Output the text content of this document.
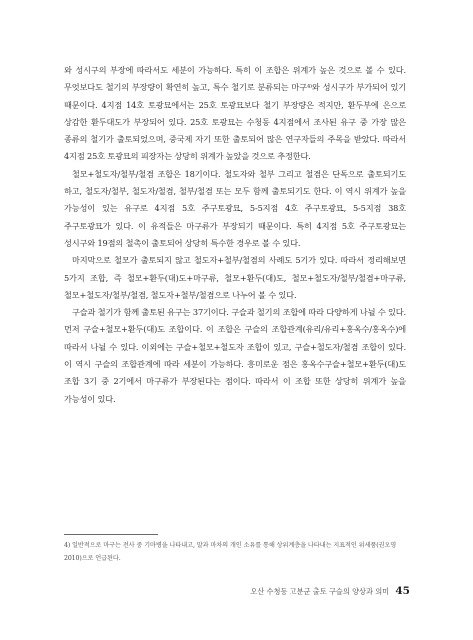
와 성시구의 부장에 따라서도 세분이 가능하다. 특히 이 조합은 위계가 높은 것으로 볼 수 있다. 무엇보다도 철기의 부장량이 확연히 높고, 특수 철기로 분류되는 마구⁴⁾와 성시구가 부가되어 있기 때문이다. 4지점 14호 토광묘에서는 25호 토광묘보다 철기 부장량은 적지만, 환두부에 은으로 상감한 환두대도가 부장되어 있다. 25호 토광묘는 수청동 4지점에서 조사된 유구 중 가장 많은 종류의 철기가 출토되었으며, 중국제 자기 또한 출토되어 많은 연구자들의 주목을 받았다. 따라서 4지점 25호 토광묘의 피장자는 상당히 위계가 높았을 것으로 추정한다.

철모+철도자/철부/철겸 조합은 18기이다. 철도자와 철부 그리고 철겸은 단독으로 출토되기도 하고, 철도자/철부, 철도자/철겸, 철부/철겸 또는 모두 함께 출토되기도 한다. 이 역시 위계가 높을 가능성이 있는 유구로 4지점 5호 주구토광묘, 5-5지점 4호 주구토광묘, 5-5지점 38호 주구토광묘가 있다. 이 유적들은 마구류가 부장되기 때문이다. 특히 4지점 5호 주구토광묘는 성시구와 19점의 철촉이 출토되어 상당히 특수한 경우로 볼 수 있다.

마지막으로 철모가 출토되지 않고 철도자+철부/철겸의 사례도 5기가 있다. 따라서 정리해보면 5가지 조합, 즉 철모+환두(대)도+마구류, 철모+환두(대)도, 철모+철도자/철부/철겸+마구류, 철모+철도자/철부/철겸, 철도자+철부/철겸으로 나누어 볼 수 있다.

구슬과 철기가 함께 출토된 유구는 37기이다. 구슬과 철기의 조합에 따라 다양하게 나뉠 수 있다. 먼저 구슬+철모+환두(대)도 조합이다. 이 조합은 구슬의 조합관계(유리/유리+홍옥수/홍옥수)에 따라서 나뉠 수 있다. 이외에는 구슬+철모+철도자 조합이 있고, 구슬+철도자/철겸 조합이 있다. 이 역시 구슬의 조합관계에 따라 세분이 가능하다. 흥미로운 점은 홍옥수구슬+철모+환두(대)도 조합 3기 중 2기에서 마구류가 부장된다는 점이다. 따라서 이 조합 또한 상당히 위계가 높을 가능성이 있다.

4) 일반적으로 마구는 전사 중 기마병을 나타내고, 말과 마차의 개인 소유를 통해 상위계층을 나타내는 지표적인 위세품(권오영 2010)으로 언급된다.
오산 수청동 고분군 출토 구슬의 양상과 의미 45
